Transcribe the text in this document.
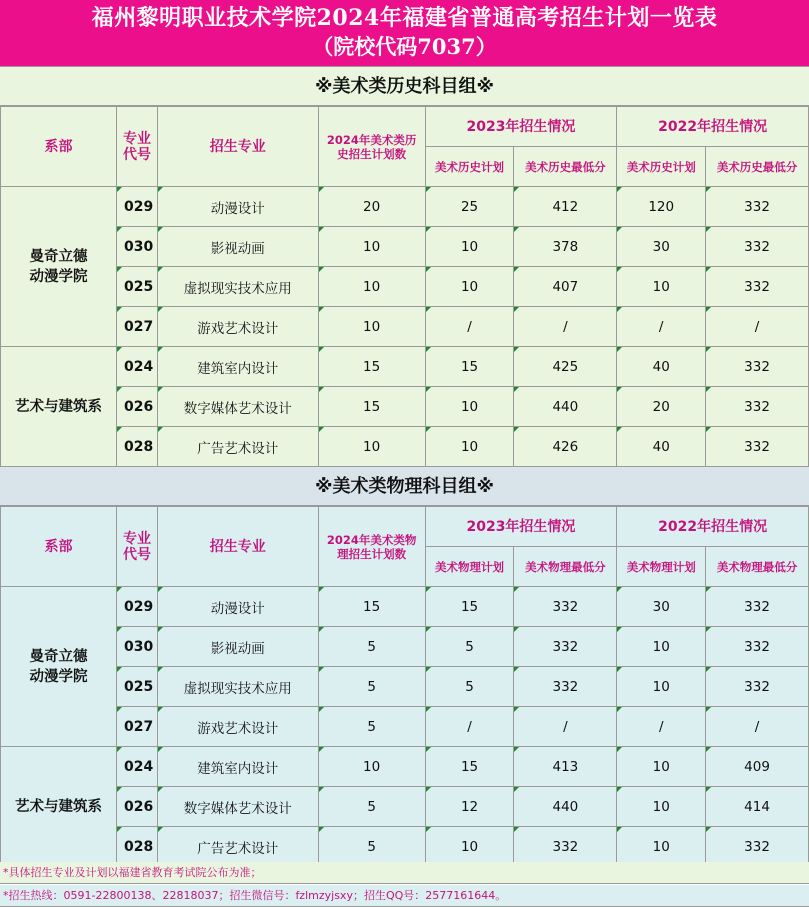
福州黎明职业技术学院2024年福建省普通高考招生计划一览表
（院校代码7037）
※美术类历史科目组※
系部	专业代号	招生专业	2024年美术类历史招生计划数	2023年招生情况		2022年招生情况	
				美术历史计划	美术历史最低分	美术历史计划	美术历史最低分

曼奇立德动漫学院	029	动漫设计	20	25	412	120	332
	030	影视动画	10	10	378	30	332
	025	虚拟现实技术应用	10	10	407	10	332
	027	游戏艺术设计	10	/	/	/	/

艺术与建筑系	024	建筑室内设计	15	15	425	40	332
	026	数字媒体艺术设计	15	10	440	20	332
	028	广告艺术设计	10	10	426	40	332
※美术类物理科目组※
系部	专业代号	招生专业	2024年美术类物理招生计划数	2023年招生情况		2022年招生情况	
				美术物理计划	美术物理最低分	美术物理计划	美术物理最低分

曼奇立德动漫学院	029	动漫设计	15	15	332	30	332
	030	影视动画	5	5	332	10	332
	025	虚拟现实技术应用	5	5	332	10	332
	027	游戏艺术设计	5	/	/	/	/

艺术与建筑系	024	建筑室内设计	10	15	413	10	409
	026	数字媒体艺术设计	5	12	440	10	414
	028	广告艺术设计	5	10	332	10	332
*具体招生专业及计划以福建省教育考试院公布为准；
*招生热线：0591-22800138、22818037；招生微信号：fzlmzyjsxy；招生QQ号：2577161644。
